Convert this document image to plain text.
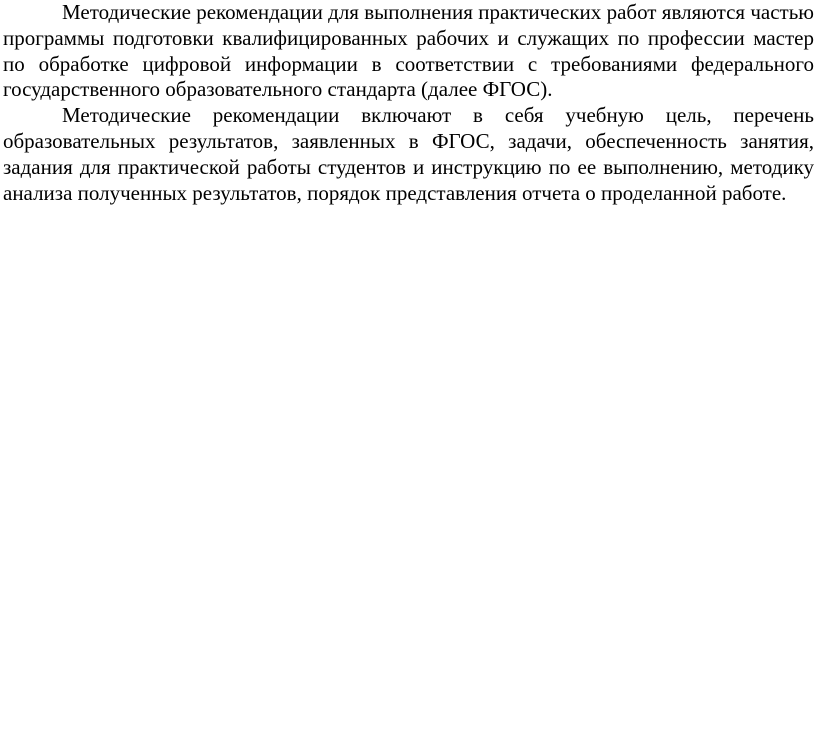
Методические рекомендации для выполнения практических работ являются частью программы подготовки квалифицированных рабочих и служащих по профессии мастер по обработке цифровой информации в соответствии с требованиями федерального государственного образовательного стандарта (далее ФГОС).

Методические рекомендации включают в себя учебную цель, перечень образовательных результатов, заявленных в ФГОС, задачи, обеспеченность занятия, задания для практической работы студентов и инструкцию по ее выполнению, методику анализа полученных результатов, порядок представления отчета о проделанной работе.
